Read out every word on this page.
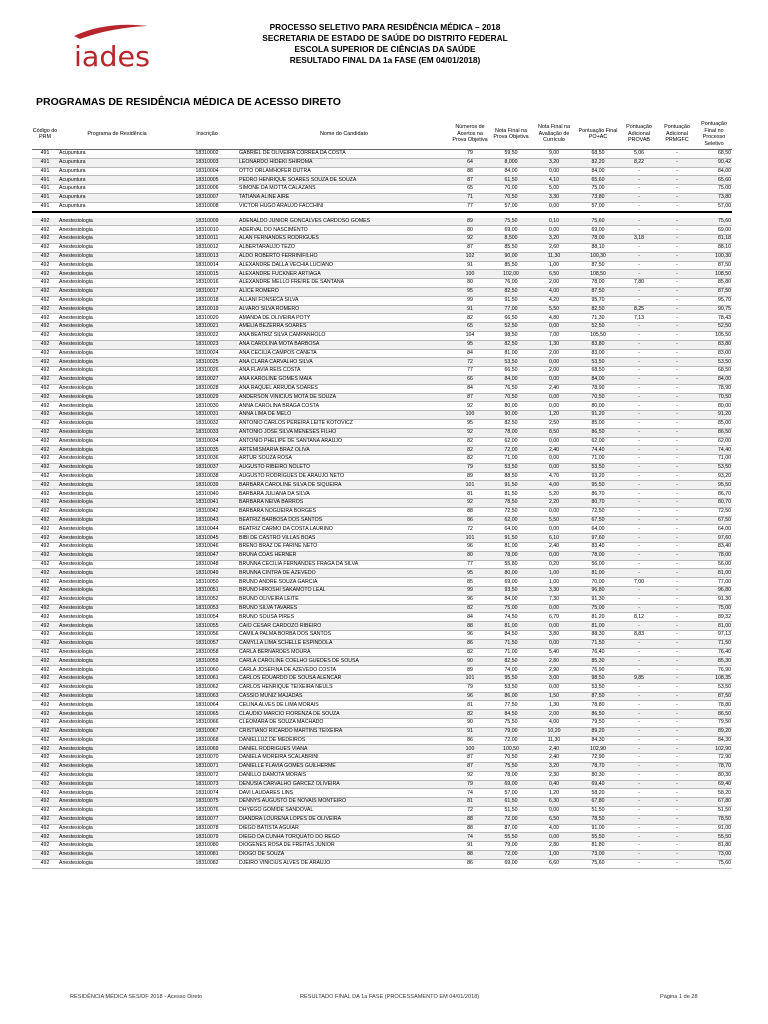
iades
PROCESSO SELETIVO PARA RESIDÊNCIA MÉDICA – 2018
SECRETARIA DE ESTADO DE SAÚDE DO DISTRITO FEDERAL
ESCOLA SUPERIOR DE CIÊNCIAS DA SAÚDE
RESULTADO FINAL DA 1a FASE (EM 04/01/2018)
PROGRAMAS DE RESIDÊNCIA MÉDICA DE ACESSO DIRETO
Código do PRM	Programa de Residência	Inscrição	Nome do Candidato	Números de Acertos na Prova Objetiva	Nota Final na Prova Objetiva	Nota Final na Avaliação de Currículo	Pontuação Final PO+AC	Pontuação Adicional PROVAB	Pontuação Adicional PRMGFC	Pontuação Final no Processo Seletivo
491	Acupuntura	18310002	GABRIEL DE OLIVEIRA CORREA DA COSTA	79	59,50	9,00	68,50	5,06	-	68,50
491	Acupuntura	18310003	LEONARDO HIDEKI SHIROMA	64	8,000	3,20	82,20	8,22	-	90,42
491	Acupuntura	18310004	OTTO ORLAMHOFER DUTRA	88	84,00	0,00	84,00	-	-	84,00
491	Acupuntura	18310005	PEDRO HENRIQUE SOARES SOUZA DE SOUZA	87	61,50	4,10	65,60	-	-	65,60
491	Acupuntura	18310006	SIMONE DA MOTTA CALAZANS	65	70,00	5,00	75,00	-	-	75,00
491	Acupuntura	18310007	TATIANA ALINE AIRE	71	70,50	3,30	73,80	-	-	73,80
491	Acupuntura	18310008	VICTOR HUGO ARAUJO FACCHINI	77	57,00	0,00	57,00	-	-	57,00

492	Anestesiologia	18310009	ADENALDO JUNIOR GONCALVES CARDOSO GOMES	89	75,50	0,10	75,60	-	-	75,60
492	Anestesiologia	18310010	ADERVAL DO NASCIMENTO	80	69,00	0,00	69,00	-	-	69,00
492	Anestesiologia	18310011	ALAN FERNANDES RODRIGUES	92	8,500	3,20	78,00	3,18	-	81,18
492	Anestesiologia	18310012	ALBERTARAUJO TEZO	87	85,50	2,60	88,10	-	-	88,10
492	Anestesiologia	18310013	ALDO ROBERTO FERRINIFILHO	102	90,00	11,30	100,30	-	-	100,30
492	Anestesiologia	18310014	ALEXANDRE DALLA VECHIA LUCIANO	91	85,50	1,00	87,50	-	-	87,50
492	Anestesiologia	18310015	ALEXANDRE FUCKNER ARTIAGA	100	102,00	6,50	108,50	-	-	108,50
492	Anestesiologia	18310016	ALEXANDRE MELLO FREIRE DE SANTANA	80	76,00	2,00	78,00	7,80	-	85,80
492	Anestesiologia	18310017	ALICE ROMERO	95	82,50	4,00	87,50	-	-	87,50
492	Anestesiologia	18310018	ALLANI FONSECA SILVA	99	91,50	4,20	95,70	-	-	95,70
492	Anestesiologia	18310019	ALVARO SILVA ROMERO	91	77,00	5,50	82,50	8,25	-	90,75
492	Anestesiologia	18310020	AMANDA DE OLIVEIRA POTY	82	66,50	4,80	71,30	7,13	-	78,43
492	Anestesiologia	18310021	AMELIA BEZERRA SOARES	65	52,50	0,00	52,50	-	-	52,50
492	Anestesiologia	18310022	ANA BEATRIZ SILVA CAMPANHOLO	104	98,50	7,00	105,50	-	-	105,50
492	Anestesiologia	18310023	ANA CAROLINA MOTA BARBOSA	95	82,50	1,30	83,80	-	-	83,80
492	Anestesiologia	18310024	ANA CECILIA CAMPOS CANETA	84	81,00	2,00	83,00	-	-	83,00
492	Anestesiologia	18310025	ANA CLARA CARVALHO SILVA	72	53,50	0,00	53,50	-	-	53,50
492	Anestesiologia	18310026	ANA FLAVIA REIS COSTA	77	66,50	2,00	68,50	-	-	68,50
492	Anestesiologia	18310027	ANA KAROLINE GOMES MAIA	66	84,00	0,00	84,00	-	-	84,00
492	Anestesiologia	18310028	ANA RAQUEL ARRUDA SOARES	84	76,50	2,40	78,90	-	-	78,90
492	Anestesiologia	18310029	ANDERSON VINICIUS MOTA DE SOUZA	87	70,50	0,00	70,50	-	-	70,50
492	Anestesiologia	18310030	ANNA CAROLINA BRAGA COSTA	92	80,00	0,00	80,00	-	-	80,00
492	Anestesiologia	18310031	ANNA LIMA DE MELO	100	90,00	1,20	91,20	-	-	91,20
492	Anestesiologia	18310032	ANTONIO CARLOS PEREIRA LEITE KOTOVICZ	95	82,50	2,50	85,00	-	-	85,00
492	Anestesiologia	18310033	ANTONIO JOSE SILVA MENESES FILHO	92	78,00	8,50	86,50	-	-	86,50
492	Anestesiologia	18310034	ANTONIO PHELIPE DE SANTANA ARAUJO	82	62,00	0,00	62,00	-	-	62,00
492	Anestesiologia	18310035	ARTEMISMARIA BRAZ OLIVA	82	72,00	2,40	74,40	-	-	74,40
492	Anestesiologia	18310036	ARTUR SOUZA ROSA	82	71,00	0,00	71,00	-	-	71,00
492	Anestesiologia	18310037	AUGUSTO RIBEIRO NOLETO	79	53,50	0,00	53,50	-	-	53,50
492	Anestesiologia	18310038	AUGUSTO RODRIGUES DE ARAUJO NETO	89	88,50	4,70	93,20	-	-	93,20
492	Anestesiologia	18310039	BARBARA CAROLINE SILVA DE SIQUEIRA	101	91,50	4,00	95,50	-	-	95,50
492	Anestesiologia	18310040	BARBARA JULIANA DA SILVA	81	81,50	5,20	86,70	-	-	86,70
492	Anestesiologia	18310041	BARBARA NEIVA BARROS	92	78,50	2,20	80,70	-	-	80,70
492	Anestesiologia	18310042	BARBARA NOGUEIRA BORGES	88	72,50	0,00	72,50	-	-	72,50
492	Anestesiologia	18310043	BEATRIZ BARBOSA DOS SANTOS	86	62,00	5,50	67,50	-	-	67,50
492	Anestesiologia	18310044	BEATRIZ CARMO DA COSTA LAURINO	72	64,00	0,00	64,00	-	-	64,00
492	Anestesiologia	18310045	BIBI DE CASTRO VILLAS BOAS	101	91,50	6,10	97,60	-	-	97,60
492	Anestesiologia	18310046	BRENO BRAZ DE FARINE NETO	96	81,00	2,40	83,40	-	-	83,40
492	Anestesiologia	18310047	BRUNA COAS HERNER	80	78,00	0,00	78,00	-	-	78,00
492	Anestesiologia	18310048	BRUNNA CECILIA FERNANDES FRAGA DA SILVA	77	55,80	0,20	56,00	-	-	56,00
492	Anestesiologia	18310049	BRUNNA CINTRA DE AZEVEDO	95	80,00	1,00	81,00	-	-	81,00
492	Anestesiologia	18310050	BRUNO ANDRE SOUZA GARCIA	85	69,00	1,00	70,00	7,00	-	77,00
492	Anestesiologia	18310051	BRUNO HIROSHI SAKAMOTO LEAL	99	93,50	3,30	96,80	-	-	96,80
492	Anestesiologia	18310052	BRUNO OLIVEIRA LEITE	96	84,00	7,30	91,30	-	-	91,30
492	Anestesiologia	18310053	BRUNO SILVA TAVARES	82	75,00	0,00	75,00	-	-	75,00
492	Anestesiologia	18310054	BRUNO SOUSA PIRES	84	74,50	6,70	81,20	8,12	-	89,32
492	Anestesiologia	18310055	CAIO CESAR CARDOZO RIBEIRO	88	81,00	0,00	81,00	-	-	81,00
492	Anestesiologia	18310056	CAMILA PALMA BORBA DOS SANTOS	96	84,50	3,80	88,30	8,83	-	97,13
492	Anestesiologia	18310057	CAMYLLA LIMA SCHELLE ESPINDOLA	86	71,50	0,00	71,50	-	-	71,50
492	Anestesiologia	18310058	CARLA BERNARDES MOURA	82	71,00	5,40	76,40	-	-	76,40
492	Anestesiologia	18310059	CARLA CAROLINE COELHO GUEDES DE SOUSA	90	82,50	2,80	85,30	-	-	85,30
492	Anestesiologia	18310060	CARLA JOSEFINA DE AZEVEDO COSTA	89	74,00	2,90	76,90	-	-	76,90
492	Anestesiologia	18310061	CARLOS EDUARDO DE SOUSA ALENCAR	101	95,50	3,00	98,50	9,85	-	108,35
492	Anestesiologia	18310062	CARLOS HENRIQUE TEIXEIRA NEULS	79	53,50	0,00	53,50	-	-	53,50
492	Anestesiologia	18310063	CASSIO MUNIZ MAJADAS	96	86,00	1,50	87,50	-	-	87,50
492	Anestesiologia	18310064	CELINA ALVES DE LIMA MORAIS	81	77,50	1,30	78,80	-	-	78,80
492	Anestesiologia	18310065	CLAUDIO MARCIO FIORENZA DE SOUZA	82	84,50	2,00	86,50	-	-	86,50
492	Anestesiologia	18310066	CLEOMARA DE SOUZA MACHADO	90	75,50	4,00	79,50	-	-	79,50
492	Anestesiologia	18310067	CRISTIANO RICARDO MARTINS TEIXEIRA	91	79,00	10,20	89,20	-	-	89,20
492	Anestesiologia	18310068	DANIELLUZ DE MEDEIROS	86	72,00	11,30	84,30	-	-	84,30
492	Anestesiologia	18310069	DANIEL RODRIGUES VIANA	100	100,50	2,40	102,90	-	-	102,90
492	Anestesiologia	18310070	DANIELA MOREIRA SCALABRINI	87	70,50	2,40	72,90	-	-	72,90
492	Anestesiologia	18310071	DANIELLE FLAVIA GOMES GUILHERME	87	75,50	3,20	78,70	-	-	78,70
492	Anestesiologia	18310072	DANILLO DAMOTA MORAIS	92	78,00	2,30	80,30	-	-	80,30
492	Anestesiologia	18310073	DENUSIA CARVALHO GARCEZ OLIVEIRA	79	69,00	0,40	69,40	-	-	69,40
492	Anestesiologia	18310074	DAVI LAUDARES LINS	74	57,00	1,20	58,20	-	-	58,20
492	Anestesiologia	18310075	DENNYS AUGUSTO DE NOVAIS MONTEIRO	81	61,50	6,30	67,80	-	-	67,80
492	Anestesiologia	18310076	DHYEGO GOMIDE SANDOVAL	72	51,50	0,00	51,50	-	-	51,50
492	Anestesiologia	18310077	DIANDRA LOURENA LOPES DE OLIVEIRA	88	72,00	6,50	78,50	-	-	78,50
492	Anestesiologia	18310078	DIEGO BATISTA AGUIAR	88	87,00	4,00	91,00	-	-	91,00
492	Anestesiologia	18310079	DIEGO DA CUNHA TORQUATO DO REGO	74	55,50	0,00	55,50	-	-	55,50
492	Anestesiologia	18310080	DIOGENES ROSA DE FREITAS JUNIOR	91	79,00	2,80	81,80	-	-	81,80
492	Anestesiologia	18310081	DIOGO DE SOUZA	88	72,00	1,00	73,00	-	-	73,00
492	Anestesiologia	18310082	DJEIRO VINICIUS ALVES DE ARAUJO	86	69,00	6,60	75,60	-	-	75,60
RESIDÊNCIA MÉDICA SES/DF 2018 - Acesso Direto	RESULTADO FINAL DA 1a FASE (PROCESSAMENTO EM 04/01/2018)	Página 1 de 28
